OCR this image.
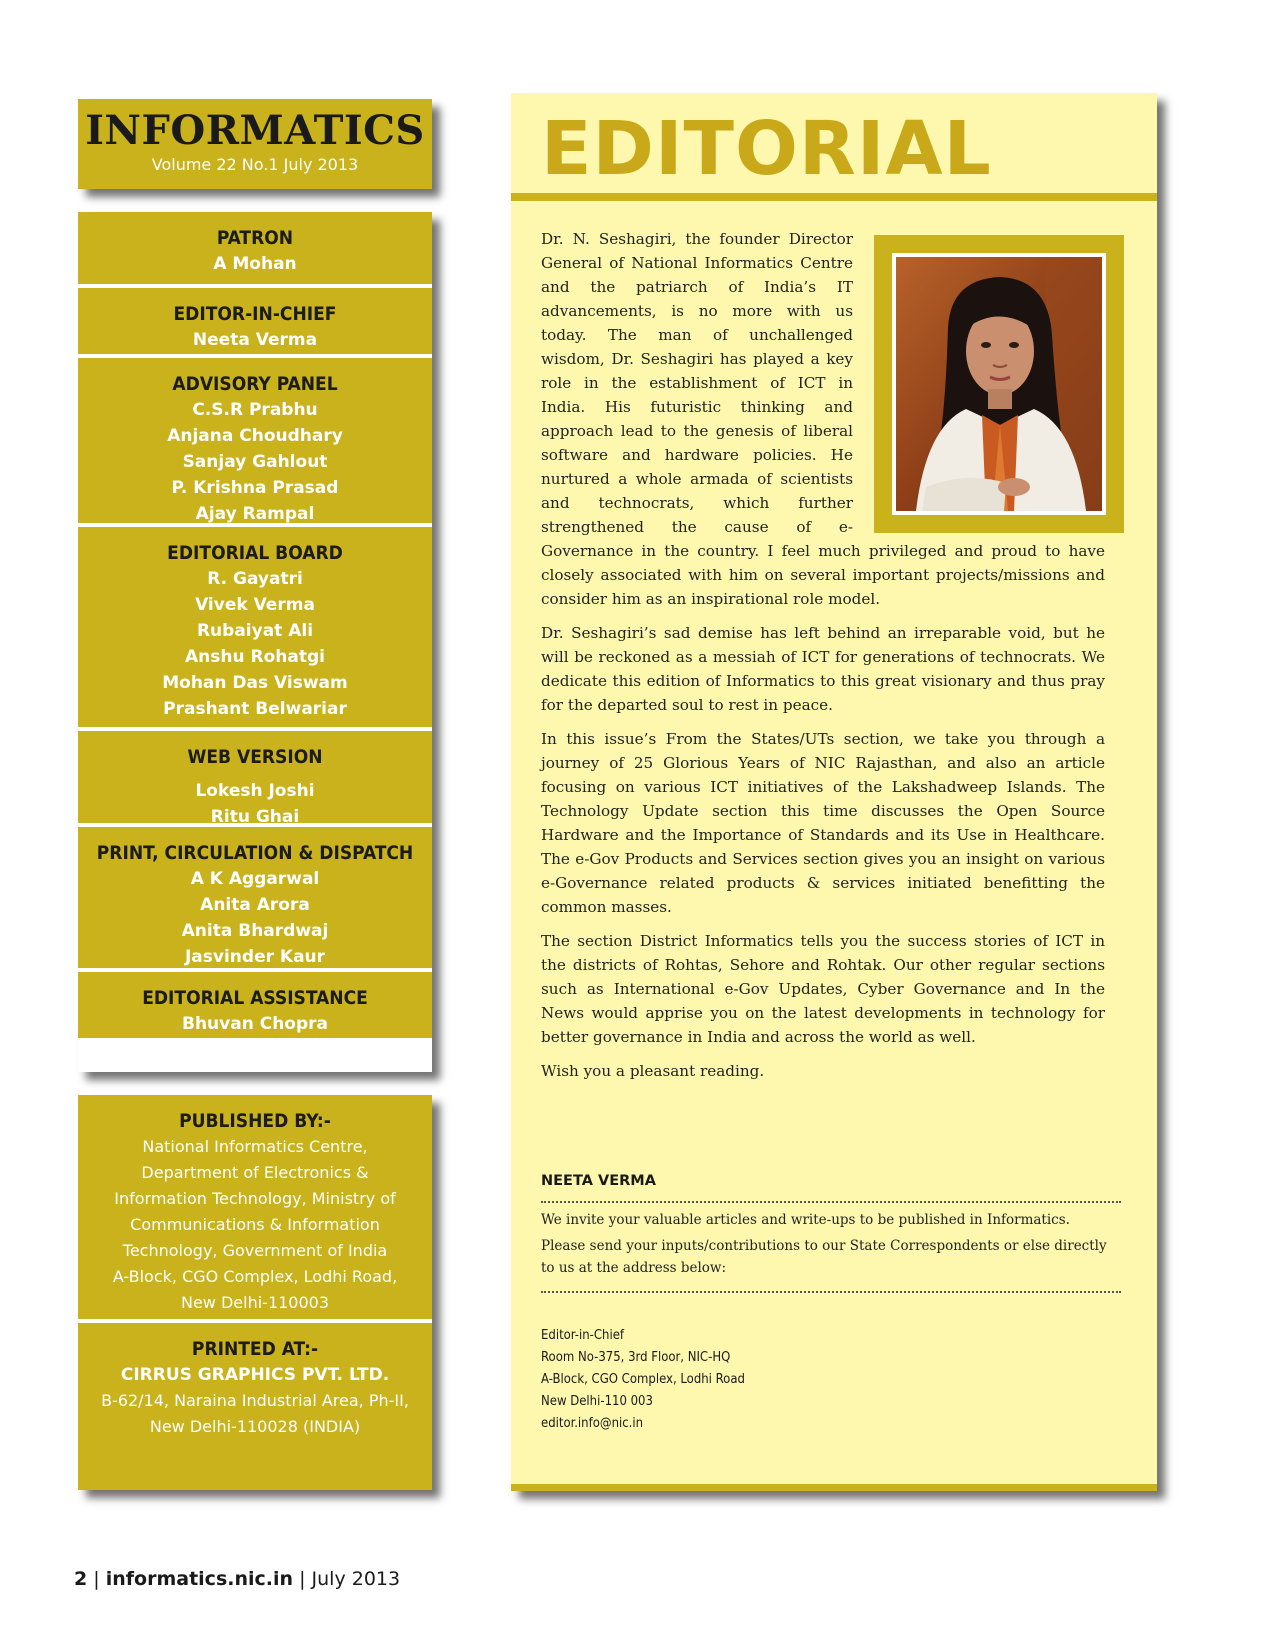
INFORMATICS
Volume 22 No.1 July 2013
PATRON
A Mohan
EDITOR-IN-CHIEF
Neeta Verma
ADVISORY PANEL
C.S.R Prabhu
Anjana Choudhary
Sanjay Gahlout
P. Krishna Prasad
Ajay Rampal
EDITORIAL BOARD
R. Gayatri
Vivek Verma
Rubaiyat Ali
Anshu Rohatgi
Mohan Das Viswam
Prashant Belwariar
WEB VERSION
Lokesh Joshi
Ritu Ghai
PRINT, CIRCULATION & DISPATCH
A K Aggarwal
Anita Arora
Anita Bhardwaj
Jasvinder Kaur
EDITORIAL ASSISTANCE
Bhuvan Chopra
PUBLISHED BY:-
National Informatics Centre,
Department of Electronics &
Information Technology, Ministry of
Communications & Information
Technology, Government of India
A-Block, CGO Complex, Lodhi Road,
New Delhi-110003
PRINTED AT:-
CIRRUS GRAPHICS PVT. LTD.
B-62/14, Naraina Industrial Area, Ph-II,
New Delhi-110028 (INDIA)
EDITORIAL

Dr. N. Seshagiri, the founder Director General of National Informatics Centre and the patriarch of India’s IT advancements, is no more with us today. The man of unchallenged wisdom, Dr. Seshagiri has played a key role in the establishment of ICT in India. His futuristic thinking and approach lead to the genesis of liberal software and hardware policies. He nurtured a whole armada of scientists and technocrats, which further strengthened the cause of e-Governance in the country. I feel much privileged and proud to have closely associated with him on several important projects/missions and consider him as an inspirational role model.

Dr. Seshagiri’s sad demise has left behind an irreparable void, but he will be reckoned as a messiah of ICT for generations of technocrats. We dedicate this edition of Informatics to this great visionary and thus pray for the departed soul to rest in peace.

In this issue’s From the States/UTs section, we take you through a journey of 25 Glorious Years of NIC Rajasthan, and also an article focusing on various ICT initiatives of the Lakshadweep Islands. The Technology Update section this time discusses the Open Source Hardware and the Importance of Standards and its Use in Healthcare. The e-Gov Products and Services section gives you an insight on various e-Governance related products & services initiated benefitting the common masses.

The section District Informatics tells you the success stories of ICT in the districts of Rohtas, Sehore and Rohtak. Our other regular sections such as International e-Gov Updates, Cyber Governance and In the News would apprise you on the latest developments in technology for better governance in India and across the world as well.

Wish you a pleasant reading.

NEETA VERMA
We invite your valuable articles and write-ups to be published in Informatics.
Please send your inputs/contributions to our State Correspondents or else directly to us at the address below:
Editor-in-Chief
Room No-375, 3rd Floor, NIC-HQ
A-Block, CGO Complex, Lodhi Road
New Delhi-110 003
editor.info@nic.in
2 | informatics.nic.in | July 2013
